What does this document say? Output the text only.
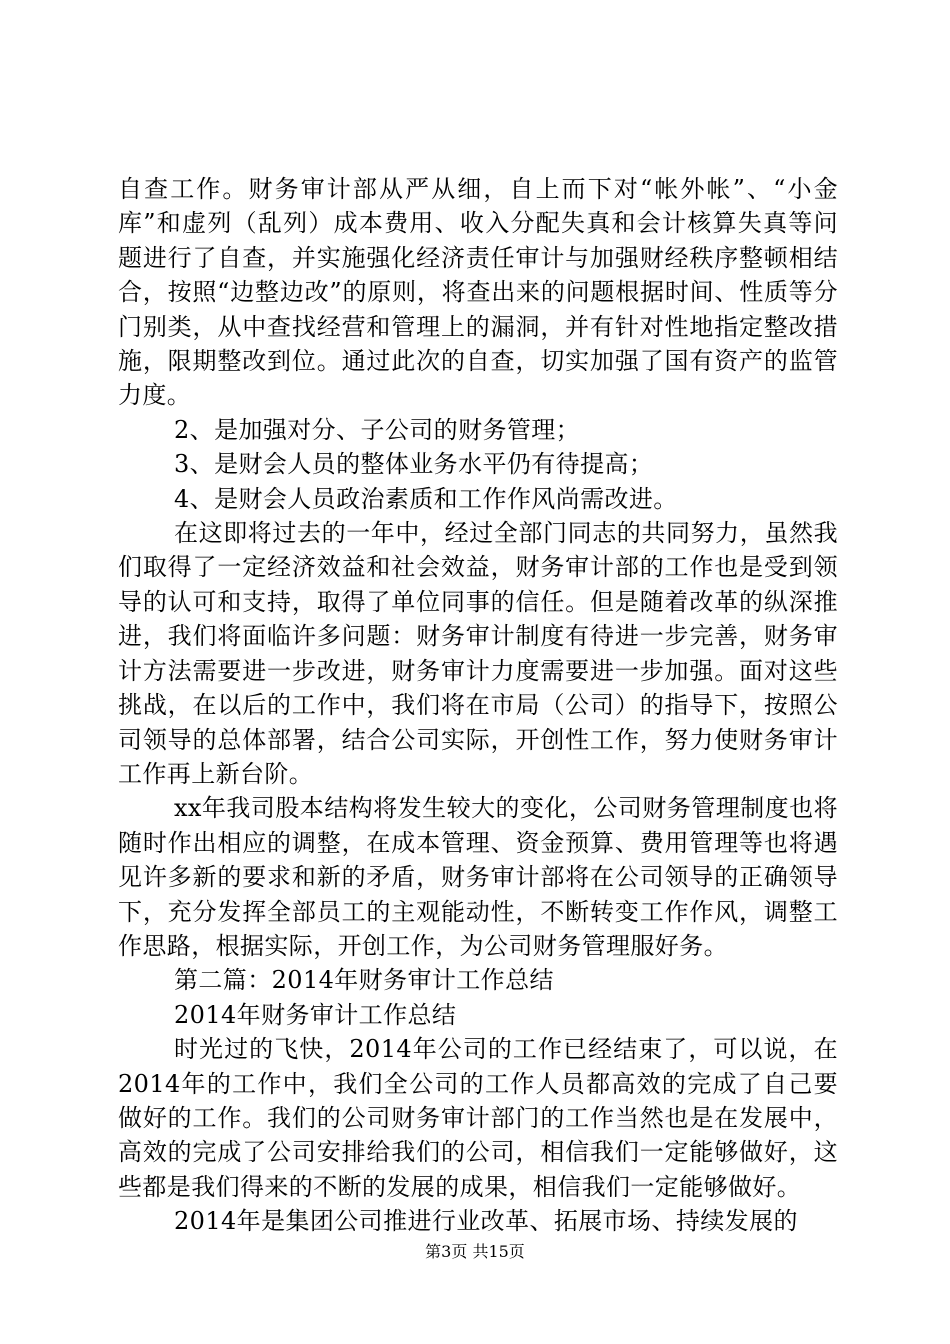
自查工作。财务审计部从严从细，自上而下对“帐外帐”、“小金库”和虚列（乱列）成本费用、收入分配失真和会计核算失真等问题进行了自查，并实施强化经济责任审计与加强财经秩序整顿相结合，按照“边整边改”的原则，将查出来的问题根据时间、性质等分门别类，从中查找经营和管理上的漏洞，并有针对性地指定整改措施，限期整改到位。通过此次的自查，切实加强了国有资产的监管力度。

2、是加强对分、子公司的财务管理；

3、是财会人员的整体业务水平仍有待提高；

4、是财会人员政治素质和工作作风尚需改进。

在这即将过去的一年中，经过全部门同志的共同努力，虽然我们取得了一定经济效益和社会效益，财务审计部的工作也是受到领导的认可和支持，取得了单位同事的信任。但是随着改革的纵深推进，我们将面临许多问题：财务审计制度有待进一步完善，财务审计方法需要进一步改进，财务审计力度需要进一步加强。面对这些挑战，在以后的工作中，我们将在市局（公司）的指导下，按照公司领导的总体部署，结合公司实际，开创性工作，努力使财务审计工作再上新台阶。

xx年我司股本结构将发生较大的变化，公司财务管理制度也将随时作出相应的调整，在成本管理、资金预算、费用管理等也将遇见许多新的要求和新的矛盾，财务审计部将在公司领导的正确领导下，充分发挥全部员工的主观能动性，不断转变工作作风，调整工作思路，根据实际，开创工作，为公司财务管理服好务。

第二篇：2014年财务审计工作总结

2014年财务审计工作总结

时光过的飞快，2014年公司的工作已经结束了，可以说，在2014年的工作中，我们全公司的工作人员都高效的完成了自己要做好的工作。我们的公司财务审计部门的工作当然也是在发展中，高效的完成了公司安排给我们的公司，相信我们一定能够做好，这些都是我们得来的不断的发展的成果，相信我们一定能够做好。

2014年是集团公司推进行业改革、拓展市场、持续发展的

第3页 共15页
